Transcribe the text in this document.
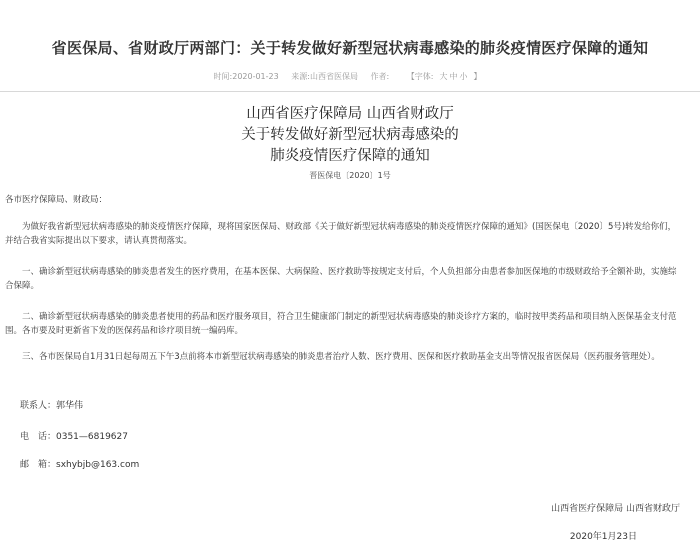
省医保局、省财政厅两部门：关于转发做好新型冠状病毒感染的肺炎疫情医疗保障的通知
时间:2020-01-23 来源:山西省医保局 作者: 【字体: 大 中 小 】
山西省医疗保障局 山西省财政厅
关于转发做好新型冠状病毒感染的
肺炎疫情医疗保障的通知
晋医保电〔2020〕1号
各市医疗保障局、财政局：
为做好我省新型冠状病毒感染的肺炎疫情医疗保障，现将国家医保局、财政部《关于做好新型冠状病毒感染的肺炎疫情医疗保障的通知》(国医保电〔2020〕5号)转发给你们，并结合我省实际提出以下要求，请认真贯彻落实。
一、确诊新型冠状病毒感染的肺炎患者发生的医疗费用，在基本医保、大病保险、医疗救助等按规定支付后，个人负担部分由患者参加医保地的市级财政给予全额补助，实施综合保障。
二、确诊新型冠状病毒感染的肺炎患者使用的药品和医疗服务项目，符合卫生健康部门制定的新型冠状病毒感染的肺炎诊疗方案的，临时按甲类药品和项目纳入医保基金支付范围。各市要及时更新省下发的医保药品和诊疗项目统一编码库。
三、各市医保局自1月31日起每周五下午3点前将本市新型冠状病毒感染的肺炎患者治疗人数、医疗费用、医保和医疗救助基金支出等情况报省医保局（医药服务管理处）。
联系人：郭华伟
电　话：0351—6819627
邮　箱：sxhybjb@163.com
山西省医疗保障局 山西省财政厅
2020年1月23日
